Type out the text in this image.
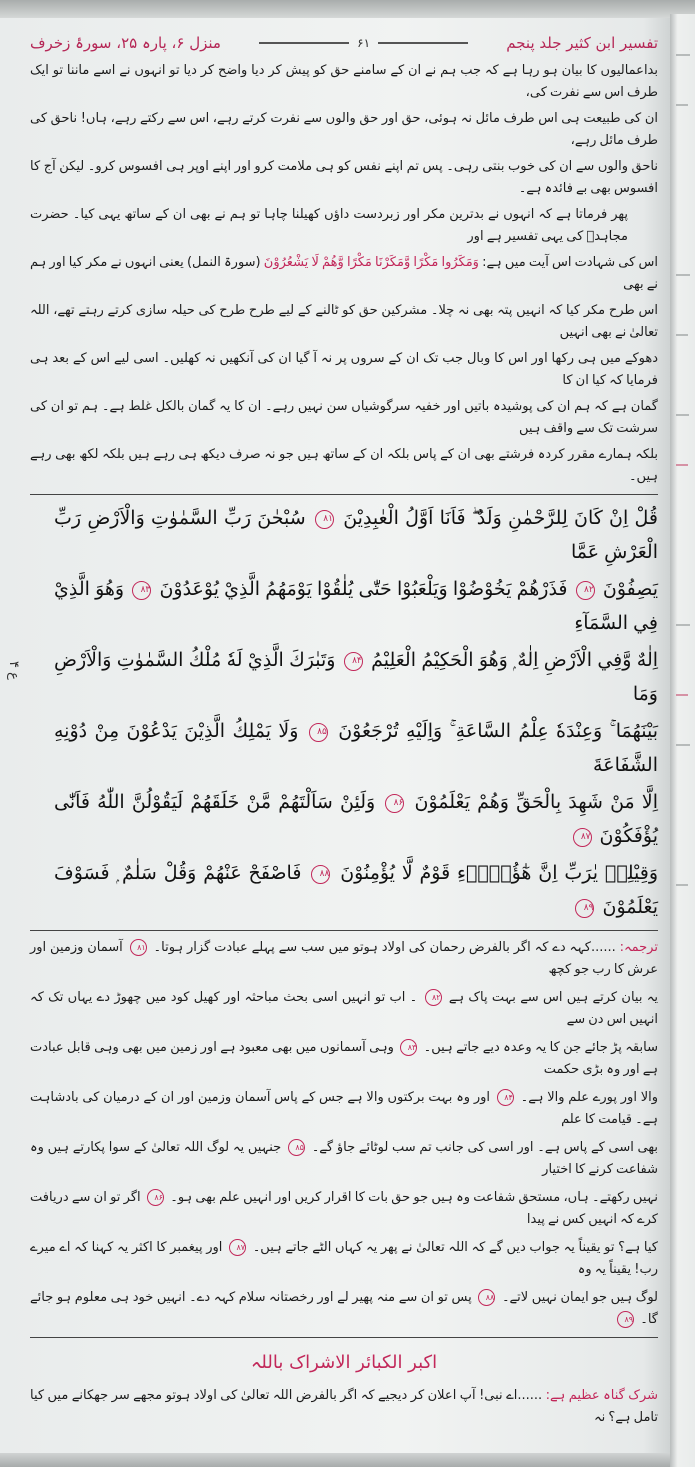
تفسیر ابن کثیر جلد پنجم
۶۱
منزل ۶، پارہ ۲۵، سورۂ زخرف
بداعمالیوں کا بیان ہو رہا ہے کہ جب ہم نے ان کے سامنے حق کو پیش کر دیا واضح کر دیا تو انہوں نے اسے ماننا تو ایک طرف اس سے نفرت کی،
ان کی طبیعت ہی اس طرف مائل نہ ہوئی، حق اور حق والوں سے نفرت کرتے رہے، اس سے رکتے رہے، ہاں! ناحق کی طرف مائل رہے،
ناحق والوں سے ان کی خوب بنتی رہی۔ پس تم اپنے نفس کو ہی ملامت کرو اور اپنے اوپر ہی افسوس کرو۔ لیکن آج کا افسوس بھی بے فائدہ ہے۔
پھر فرماتا ہے کہ انہوں نے بدترین مکر اور زبردست داؤں کھیلنا چاہا تو ہم نے بھی ان کے ساتھ یہی کیا۔ حضرت مجاہدؒ کی یہی تفسیر ہے اور
اس کی شہادت اس آیت میں ہے: وَمَكَرُوا مَكْرًا وَّمَكَرْنَا مَكْرًا وَّهُمْ لَا يَشْعُرُوْنَ (سورۃ النمل) یعنی انہوں نے مکر کیا اور ہم نے بھی
اس طرح مکر کیا کہ انہیں پتہ بھی نہ چلا۔ مشرکین حق کو ٹالنے کے لیے طرح طرح کی حیلہ سازی کرتے رہتے تھے، اللہ تعالیٰ نے بھی انہیں
دھوکے میں ہی رکھا اور اس کا وبال جب تک ان کے سروں پر نہ آ گیا ان کی آنکھیں نہ کھلیں۔ اسی لیے اس کے بعد ہی فرمایا کہ کیا ان کا
گمان ہے کہ ہم ان کی پوشیدہ باتیں اور خفیہ سرگوشیاں سن نہیں رہے۔ ان کا یہ گمان بالکل غلط ہے۔ ہم تو ان کی سرشت تک سے واقف ہیں
بلکہ ہمارے مقرر کردہ فرشتے بھی ان کے پاس بلکہ ان کے ساتھ ہیں جو نہ صرف دیکھ ہی رہے ہیں بلکہ لکھ بھی رہے ہیں۔
ع ۴
قُلْ اِنْ كَانَ لِلرَّحْمٰنِ وَلَدٌ ۖ فَاَنَا اَوَّلُ الْعٰبِدِيْنَ ۸۱ سُبْحٰنَ رَبِّ السَّمٰوٰتِ وَالْاَرْضِ رَبِّ الْعَرْشِ عَمَّا
يَصِفُوْنَ ۸۲ فَذَرْهُمْ يَخُوْضُوْا وَيَلْعَبُوْا حَتّٰى يُلٰقُوْا يَوْمَهُمُ الَّذِيْ يُوْعَدُوْنَ ۸۳ وَهُوَ الَّذِيْ فِي السَّمَآءِ
اِلٰهٌ وَّفِي الْاَرْضِ اِلٰهٌ ۭ وَهُوَ الْحَكِيْمُ الْعَلِيْمُ ۸۴ وَتَبٰرَكَ الَّذِيْ لَهٗ مُلْكُ السَّمٰوٰتِ وَالْاَرْضِ وَمَا
بَيْنَهُمَا ۚ وَعِنْدَهٗ عِلْمُ السَّاعَةِ ۚ وَاِلَيْهِ تُرْجَعُوْنَ ۸۵ وَلَا يَمْلِكُ الَّذِيْنَ يَدْعُوْنَ مِنْ دُوْنِهِ الشَّفَاعَةَ
اِلَّا مَنْ شَهِدَ بِالْحَقِّ وَهُمْ يَعْلَمُوْنَ ۸۶ وَلَئِنْ سَاَلْتَهُمْ مَّنْ خَلَقَهُمْ لَيَقُوْلُنَّ اللّٰهُ فَاَنّٰى يُؤْفَكُوْنَ ۸۷
وَقِيْلِهٖ يٰرَبِّ اِنَّ هٰٓؤُلَاۗءِ قَوْمٌ لَّا يُؤْمِنُوْنَ ۸۸ فَاصْفَحْ عَنْهُمْ وَقُلْ سَلٰمٌ ۭ فَسَوْفَ يَعْلَمُوْنَ ۸۹
ترجمہ: ......کہہ دے کہ اگر بالفرض رحمان کی اولاد ہوتو میں سب سے پہلے عبادت گزار ہوتا۔ ۸۱ آسمان وزمین اور عرش کا رب جو کچھ
یہ بیان کرتے ہیں اس سے بہت پاک ہے ۸۲ ۔ اب تو انہیں اسی بحث مباحثہ اور کھیل کود میں چھوڑ دے یہاں تک کہ انہیں اس دن سے
سابقہ پڑ جائے جن کا یہ وعدہ دیے جاتے ہیں۔ ۸۳ وہی آسمانوں میں بھی معبود ہے اور زمین میں بھی وہی قابل عبادت ہے اور وہ بڑی حکمت
والا اور پورے علم والا ہے۔ ۸۴ اور وہ بہت برکتوں والا ہے جس کے پاس آسمان وزمین اور ان کے درمیان کی بادشاہت ہے۔ قیامت کا علم
بھی اسی کے پاس ہے۔ اور اسی کی جانب تم سب لوٹائے جاؤ گے۔ ۸۵ جنہیں یہ لوگ اللہ تعالیٰ کے سوا پکارتے ہیں وہ شفاعت کرنے کا اختیار
نہیں رکھتے۔ ہاں، مستحق شفاعت وہ ہیں جو حق بات کا اقرار کریں اور انہیں علم بھی ہو۔ ۸۶ اگر تو ان سے دریافت کرے کہ انہیں کس نے پیدا
کیا ہے؟ تو یقیناً یہ جواب دیں گے کہ اللہ تعالیٰ نے پھر یہ کہاں الٹے جاتے ہیں۔ ۸۷ اور پیغمبر کا اکثر یہ کہنا کہ اے میرے رب! یقیناً یہ وہ
لوگ ہیں جو ایمان نہیں لاتے۔ ۸۸ پس تو ان سے منہ پھیر لے اور رخصتانہ سلام کہہ دے۔ انہیں خود ہی معلوم ہو جائے گا۔ ۸۹
اکبر الکبائر الاشراک باللہ
شرک گناہ عظیم ہے: ......اے نبی! آپ اعلان کر دیجیے کہ اگر بالفرض اللہ تعالیٰ کی اولاد ہوتو مجھے سر جھکانے میں کیا تامل ہے؟ نہ
